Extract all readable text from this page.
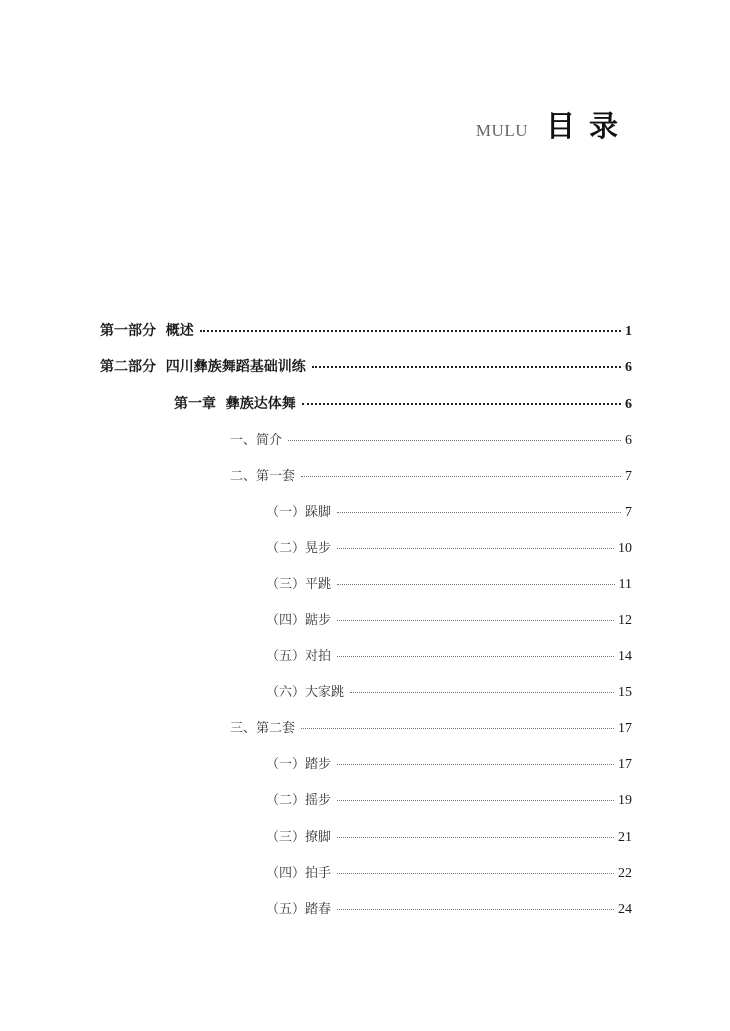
MULU 目录
第一部分  概述	1
第二部分  四川彝族舞蹈基础训练	6
第一章  彝族达体舞	6
一、简介	6
二、第一套	7
（一）跺脚	7
（二）晃步	10
（三）平跳	11
（四）踮步	12
（五）对拍	14
（六）大家跳	15
三、第二套	17
（一）踏步	17
（二）摇步	19
（三）撩脚	21
（四）拍手	22
（五）踏春	24
